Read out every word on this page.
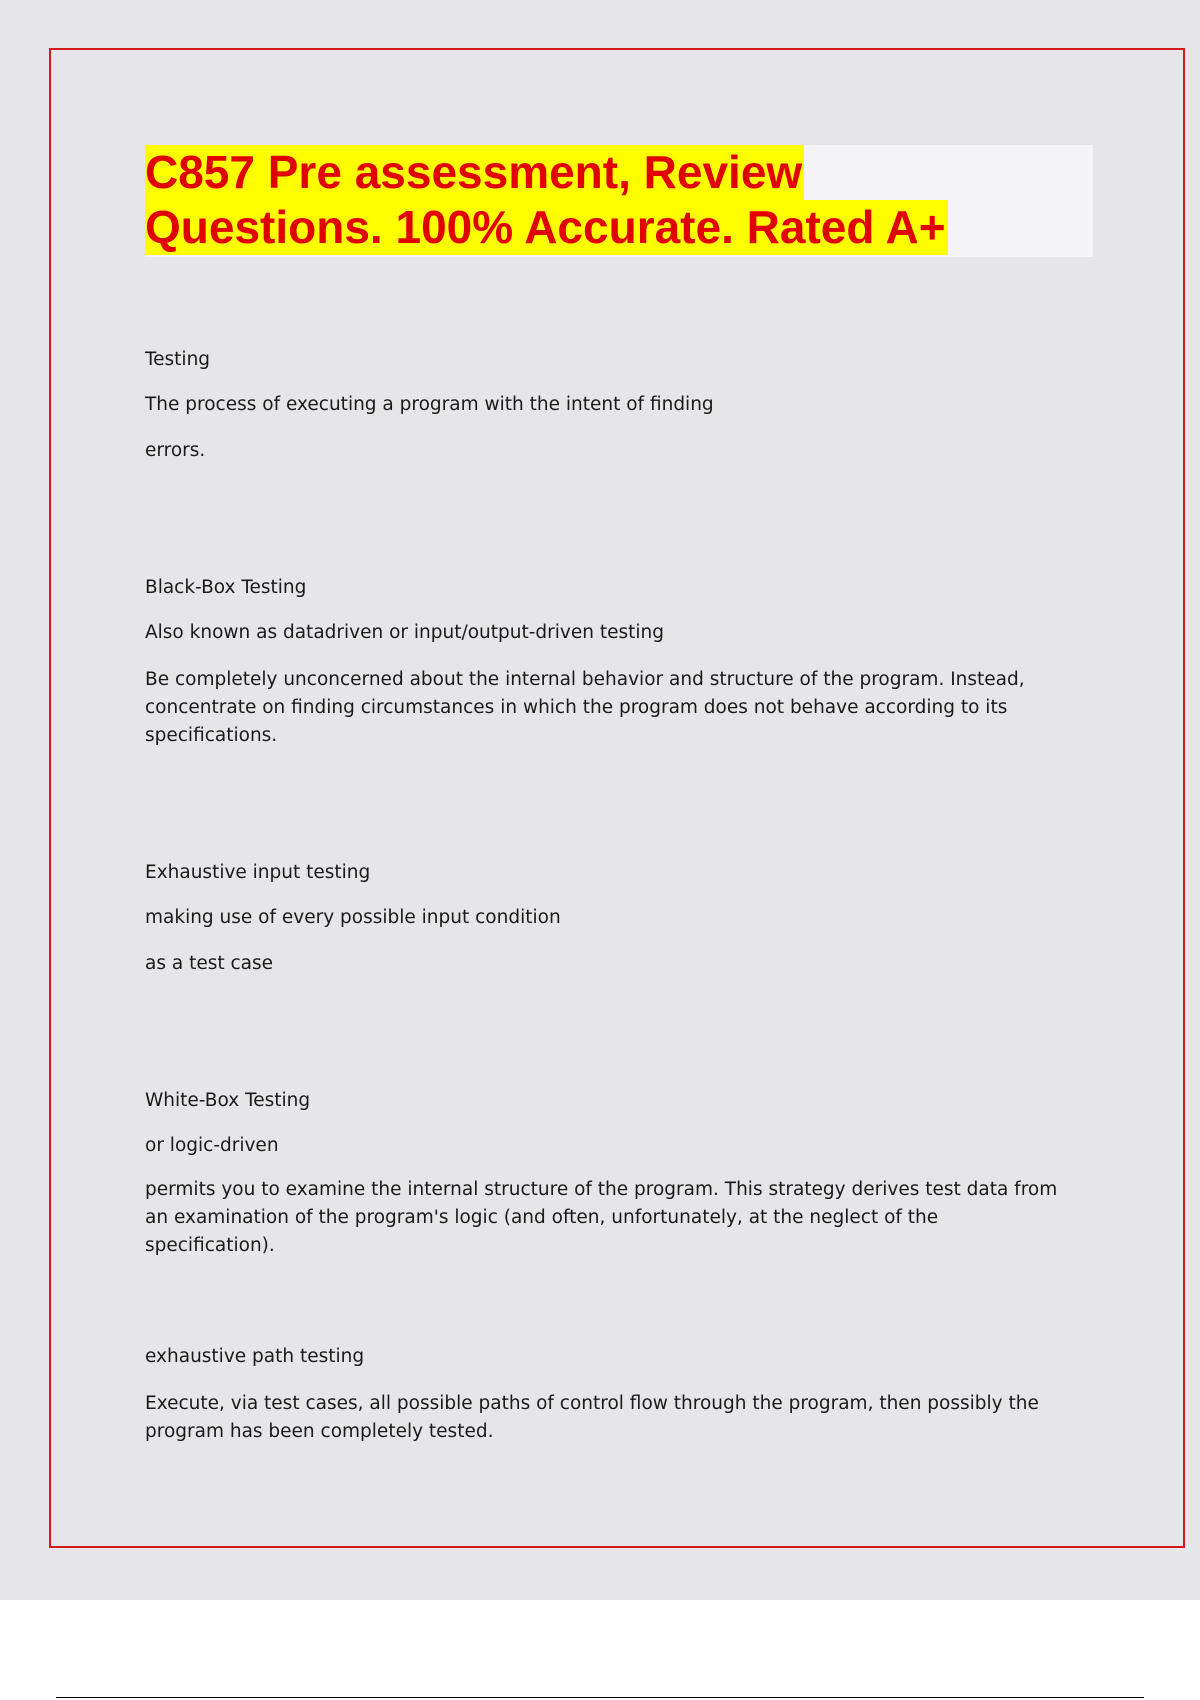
C857 Pre assessment, Review
Questions. 100% Accurate. Rated A+

Testing

The process of executing a program with the intent of finding

errors.

Black-Box Testing

Also known as datadriven or input/output-driven testing

Be completely unconcerned about the internal behavior and structure of the program. Instead, concentrate on finding circumstances in which the program does not behave according to its specifications.

Exhaustive input testing

making use of every possible input condition

as a test case

White-Box Testing

or logic-driven

permits you to examine the internal structure of the program. This strategy derives test data from an examination of the program's logic (and often, unfortunately, at the neglect of the specification).

exhaustive path testing

Execute, via test cases, all possible paths of control flow through the program, then possibly the program has been completely tested.
